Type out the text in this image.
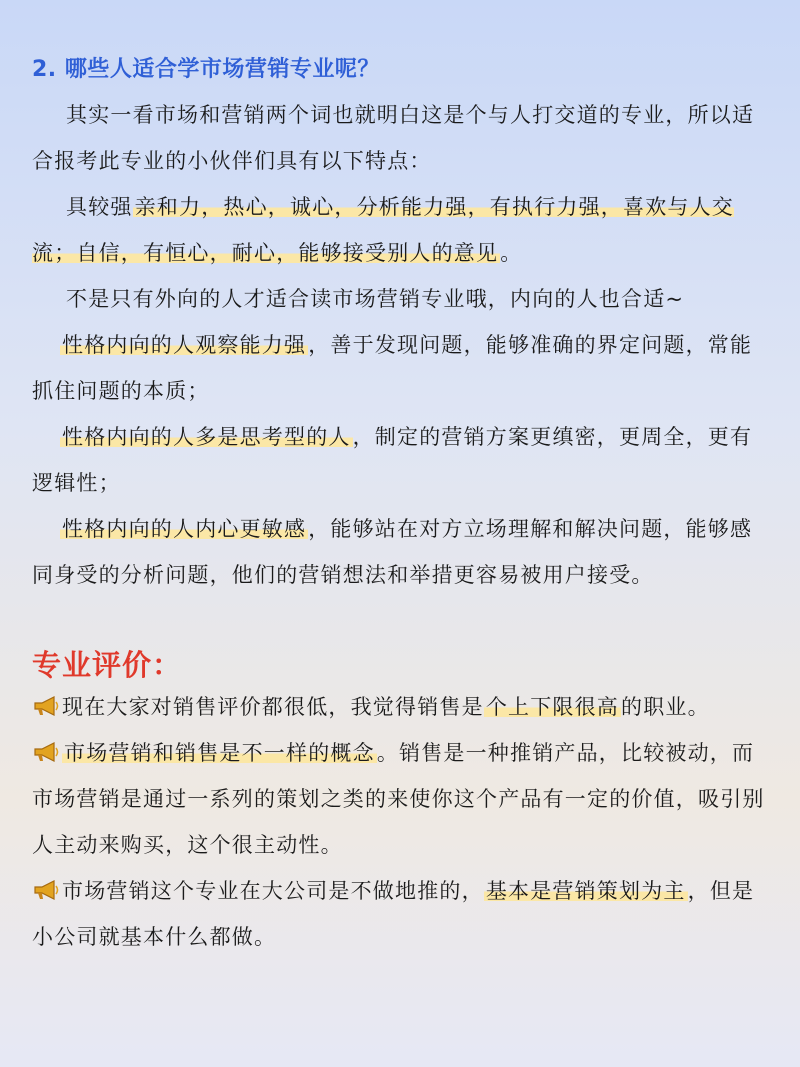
2. 哪些人适合学市场营销专业呢？
其实一看市场和营销两个词也就明白这是个与人打交道的专业，所以适合报考此专业的小伙伴们具有以下特点：
具较强亲和力，热心，诚心，分析能力强，有执行力强，喜欢与人交流；自信，有恒心，耐心，能够接受别人的意见。
不是只有外向的人才适合读市场营销专业哦，内向的人也合适~
性格内向的人观察能力强，善于发现问题，能够准确的界定问题，常能抓住问题的本质；
性格内向的人多是思考型的人，制定的营销方案更缜密，更周全，更有逻辑性；
性格内向的人内心更敏感，能够站在对方立场理解和解决问题，能够感同身受的分析问题，他们的营销想法和举措更容易被用户接受。
专业评价：
现在大家对销售评价都很低，我觉得销售是个上下限很高的职业。
市场营销和销售是不一样的概念。销售是一种推销产品，比较被动，而市场营销是通过一系列的策划之类的来使你这个产品有一定的价值，吸引别人主动来购买，这个很主动性。
市场营销这个专业在大公司是不做地推的，基本是营销策划为主，但是小公司就基本什么都做。
